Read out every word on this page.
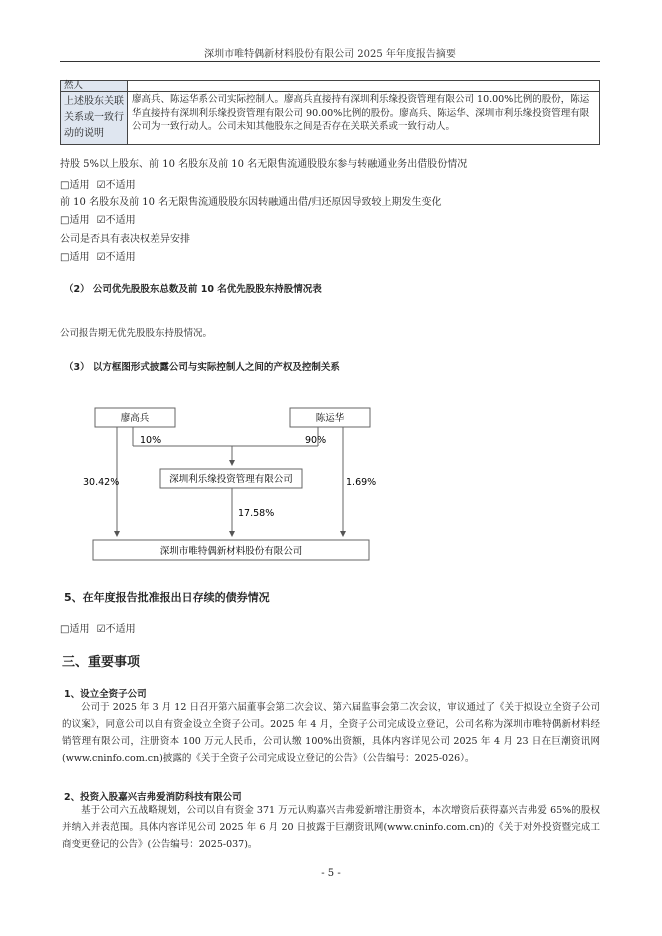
深圳市唯特偶新材料股份有限公司 2025 年年度报告摘要
然人	
上述股东关联关系或一致行动的说明	廖高兵、陈运华系公司实际控制人。廖高兵直接持有深圳利乐缘投资管理有限公司 10.00%比例的股份，陈运华直接持有深圳利乐缘投资管理有限公司 90.00%比例的股份。廖高兵、陈运华、深圳市利乐缘投资管理有限公司为一致行动人。公司未知其他股东之间是否存在关联关系或一致行动人。
持股 5%以上股东、前 10 名股东及前 10 名无限售流通股股东参与转融通业务出借股份情况
□适用 ☑不适用
前 10 名股东及前 10 名无限售流通股股东因转融通出借/归还原因导致较上期发生变化
□适用 ☑不适用
公司是否具有表决权差异安排
□适用 ☑不适用
（2） 公司优先股股东总数及前 10 名优先股股东持股情况表
公司报告期无优先股股东持股情况。
（3） 以方框图形式披露公司与实际控制人之间的产权及控制关系
廖高兵	陈运华
深圳利乐缘投资管理有限公司
深圳市唯特偶新材料股份有限公司
10%	90%
30.42%	1.69%
17.58%
5、在年度报告批准报出日存续的债券情况
□适用 ☑不适用
三、重要事项
1、设立全资子公司
公司于 2025 年 3 月 12 日召开第六届董事会第二次会议、第六届监事会第二次会议，审议通过了《关于拟设立全资子公司的议案》，同意公司以自有资金设立全资子公司。2025 年 4 月，全资子公司完成设立登记，公司名称为深圳市唯特偶新材料经销管理有限公司，注册资本 100 万元人民币，公司认缴 100%出资额，具体内容详见公司 2025 年 4 月 23 日在巨潮资讯网(www.cninfo.com.cn)披露的《关于全资子公司完成设立登记的公告》（公告编号：2025-026）。
2、投资入股嘉兴吉弗爱消防科技有限公司
基于公司六五战略规划，公司以自有资金 371 万元认购嘉兴吉弗爱新增注册资本，本次增资后获得嘉兴吉弗爱 65%的股权并纳入并表范围。具体内容详见公司 2025 年 6 月 20 日披露于巨潮资讯网(www.cninfo.com.cn)的《关于对外投资暨完成工商变更登记的公告》(公告编号：2025-037)。
- 5 -
